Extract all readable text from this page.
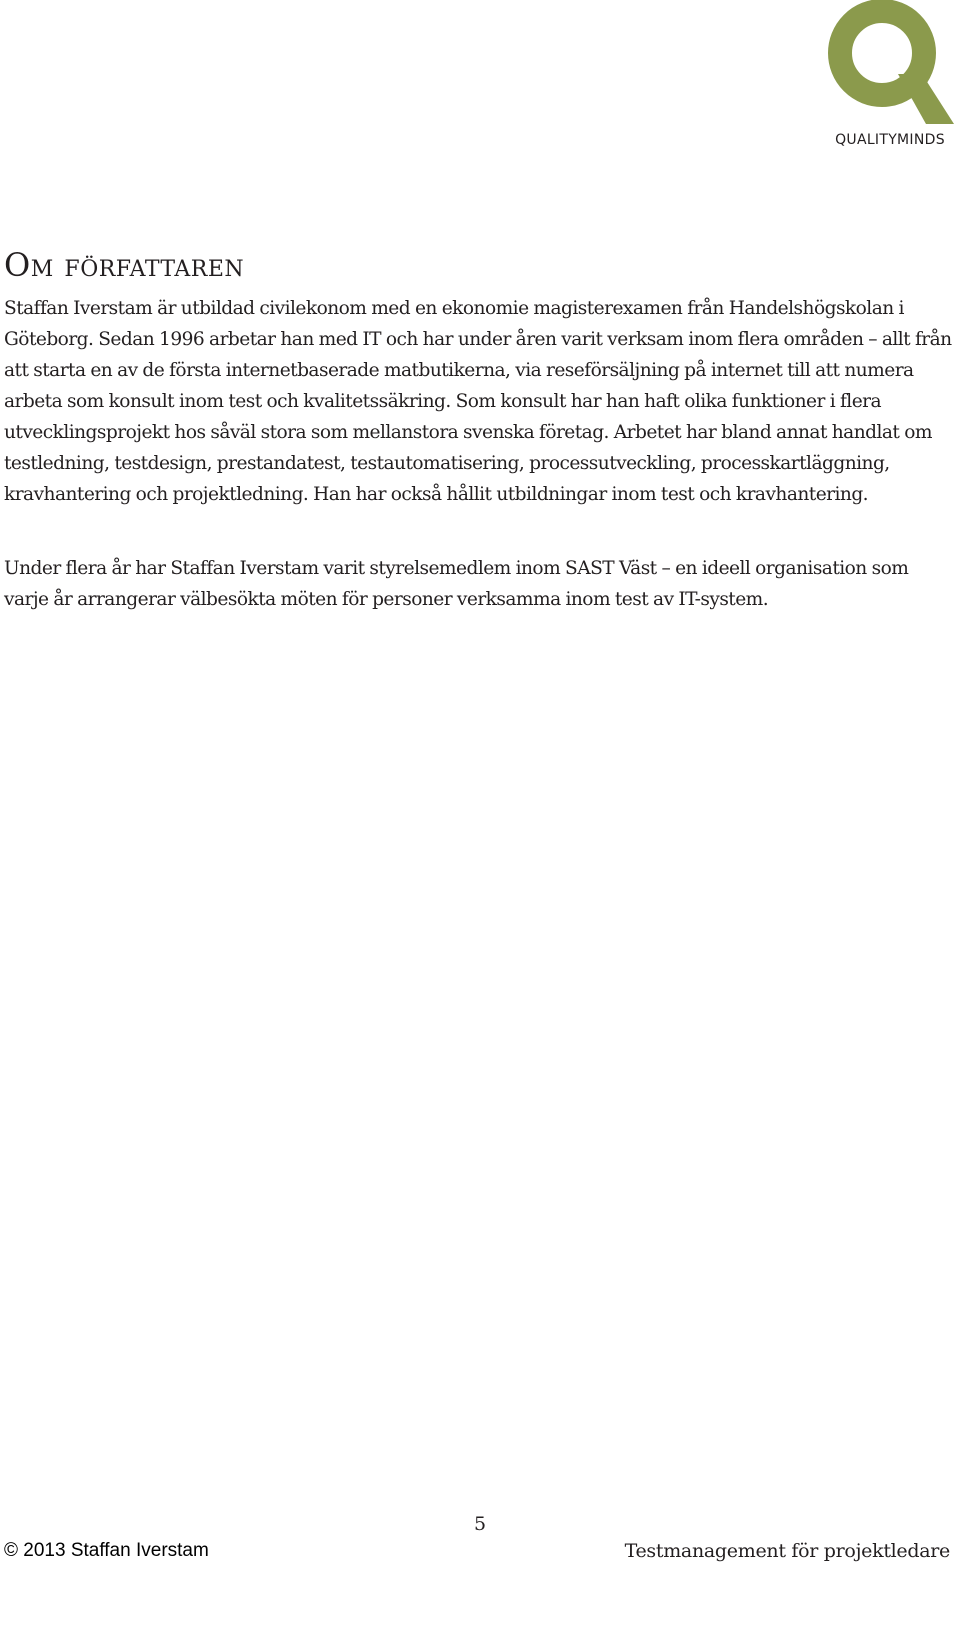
QUALITYMINDS
Om författaren

Staffan Iverstam är utbildad civilekonom med en ekonomie magisterexamen från Handelshögskolan i Göteborg. Sedan 1996 arbetar han med IT och har under åren varit verksam inom flera områden – allt från att starta en av de första internetbaserade matbutikerna, via reseförsäljning på internet till att numera arbeta som konsult inom test och kvalitetssäkring. Som konsult har han haft olika funktioner i flera utvecklingsprojekt hos såväl stora som mellanstora svenska företag. Arbetet har bland annat handlat om testledning, testdesign, prestandatest, testautomatisering, processutveckling, processkartläggning, kravhantering och projektledning. Han har också hållit utbildningar inom test och kravhantering.

Under flera år har Staffan Iverstam varit styrelsemedlem inom SAST Väst – en ideell organisation som varje år arrangerar välbesökta möten för personer verksamma inom test av IT-system.

5
© 2013 Staffan Iverstam	Testmanagement för projektledare
